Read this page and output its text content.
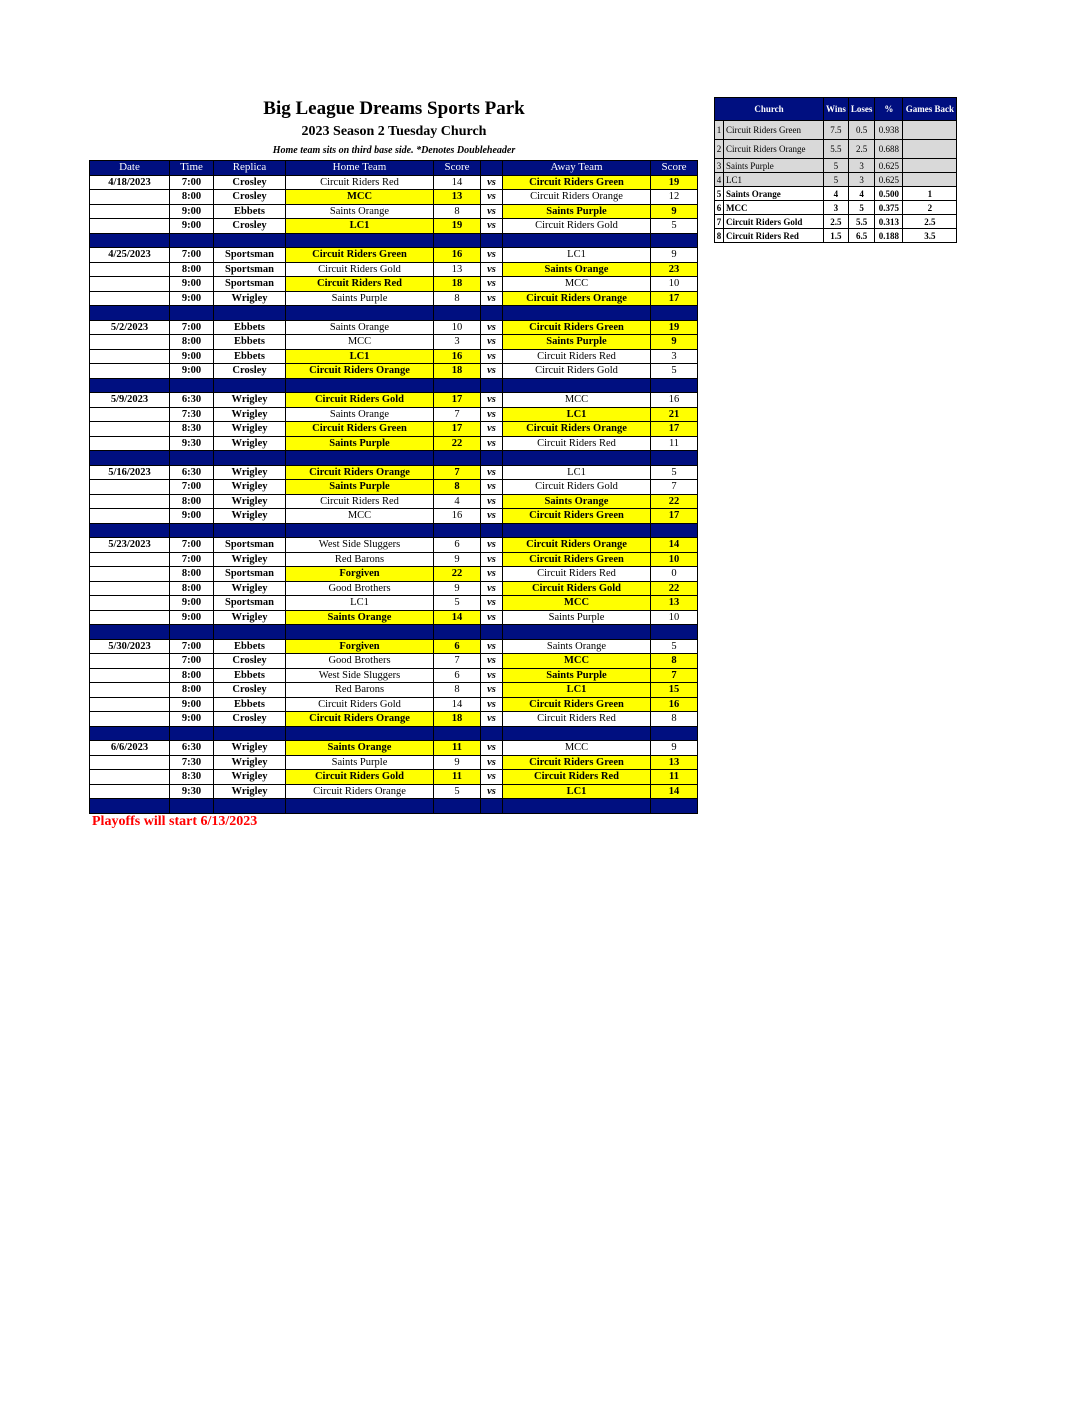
Big League Dreams Sports Park
2023 Season 2 Tuesday Church
Home team sits on third base side. *Denotes Doubleheader
Date	Time	Replica	Home Team	Score		Away Team	Score
4/18/2023	7:00	Crosley	Circuit Riders Red	14	vs	Circuit Riders Green	19
	8:00	Crosley	MCC	13	vs	Circuit Riders Orange	12
	9:00	Ebbets	Saints Orange	8	vs	Saints Purple	9
	9:00	Crosley	LC1	19	vs	Circuit Riders Gold	5

4/25/2023	7:00	Sportsman	Circuit Riders Green	16	vs	LC1	9
	8:00	Sportsman	Circuit Riders Gold	13	vs	Saints Orange	23
	9:00	Sportsman	Circuit Riders Red	18	vs	MCC	10
	9:00	Wrigley	Saints Purple	8	vs	Circuit Riders Orange	17

5/2/2023	7:00	Ebbets	Saints Orange	10	vs	Circuit Riders Green	19
	8:00	Ebbets	MCC	3	vs	Saints Purple	9
	9:00	Ebbets	LC1	16	vs	Circuit Riders Red	3
	9:00	Crosley	Circuit Riders Orange	18	vs	Circuit Riders Gold	5

5/9/2023	6:30	Wrigley	Circuit Riders Gold	17	vs	MCC	16
	7:30	Wrigley	Saints Orange	7	vs	LC1	21
	8:30	Wrigley	Circuit Riders Green	17	vs	Circuit Riders Orange	17
	9:30	Wrigley	Saints Purple	22	vs	Circuit Riders Red	11

5/16/2023	6:30	Wrigley	Circuit Riders Orange	7	vs	LC1	5
	7:00	Wrigley	Saints Purple	8	vs	Circuit Riders Gold	7
	8:00	Wrigley	Circuit Riders Red	4	vs	Saints Orange	22
	9:00	Wrigley	MCC	16	vs	Circuit Riders Green	17

5/23/2023	7:00	Sportsman	West Side Sluggers	6	vs	Circuit Riders Orange	14
	7:00	Wrigley	Red Barons	9	vs	Circuit Riders Green	10
	8:00	Sportsman	Forgiven	22	vs	Circuit Riders Red	0
	8:00	Wrigley	Good Brothers	9	vs	Circuit Riders Gold	22
	9:00	Sportsman	LC1	5	vs	MCC	13
	9:00	Wrigley	Saints Orange	14	vs	Saints Purple	10

5/30/2023	7:00	Ebbets	Forgiven	6	vs	Saints Orange	5
	7:00	Crosley	Good Brothers	7	vs	MCC	8
	8:00	Ebbets	West Side Sluggers	6	vs	Saints Purple	7
	8:00	Crosley	Red Barons	8	vs	LC1	15
	9:00	Ebbets	Circuit Riders Gold	14	vs	Circuit Riders Green	16
	9:00	Crosley	Circuit Riders Orange	18	vs	Circuit Riders Red	8

6/6/2023	6:30	Wrigley	Saints Orange	11	vs	MCC	9
	7:30	Wrigley	Saints Purple	9	vs	Circuit Riders Green	13
	8:30	Wrigley	Circuit Riders Gold	11	vs	Circuit Riders Red	11
	9:30	Wrigley	Circuit Riders Orange	5	vs	LC1	14

Church		Wins	Loses	%	Games Back
1	Circuit Riders Green	7.5	0.5	0.938	
2	Circuit Riders Orange	5.5	2.5	0.688	
3	Saints Purple	5	3	0.625	
4	LC1	5	3	0.625	
5	Saints Orange	4	4	0.500	1
6	MCC	3	5	0.375	2
7	Circuit Riders Gold	2.5	5.5	0.313	2.5
8	Circuit Riders Red	1.5	6.5	0.188	3.5
Playoffs will start 6/13/2023
